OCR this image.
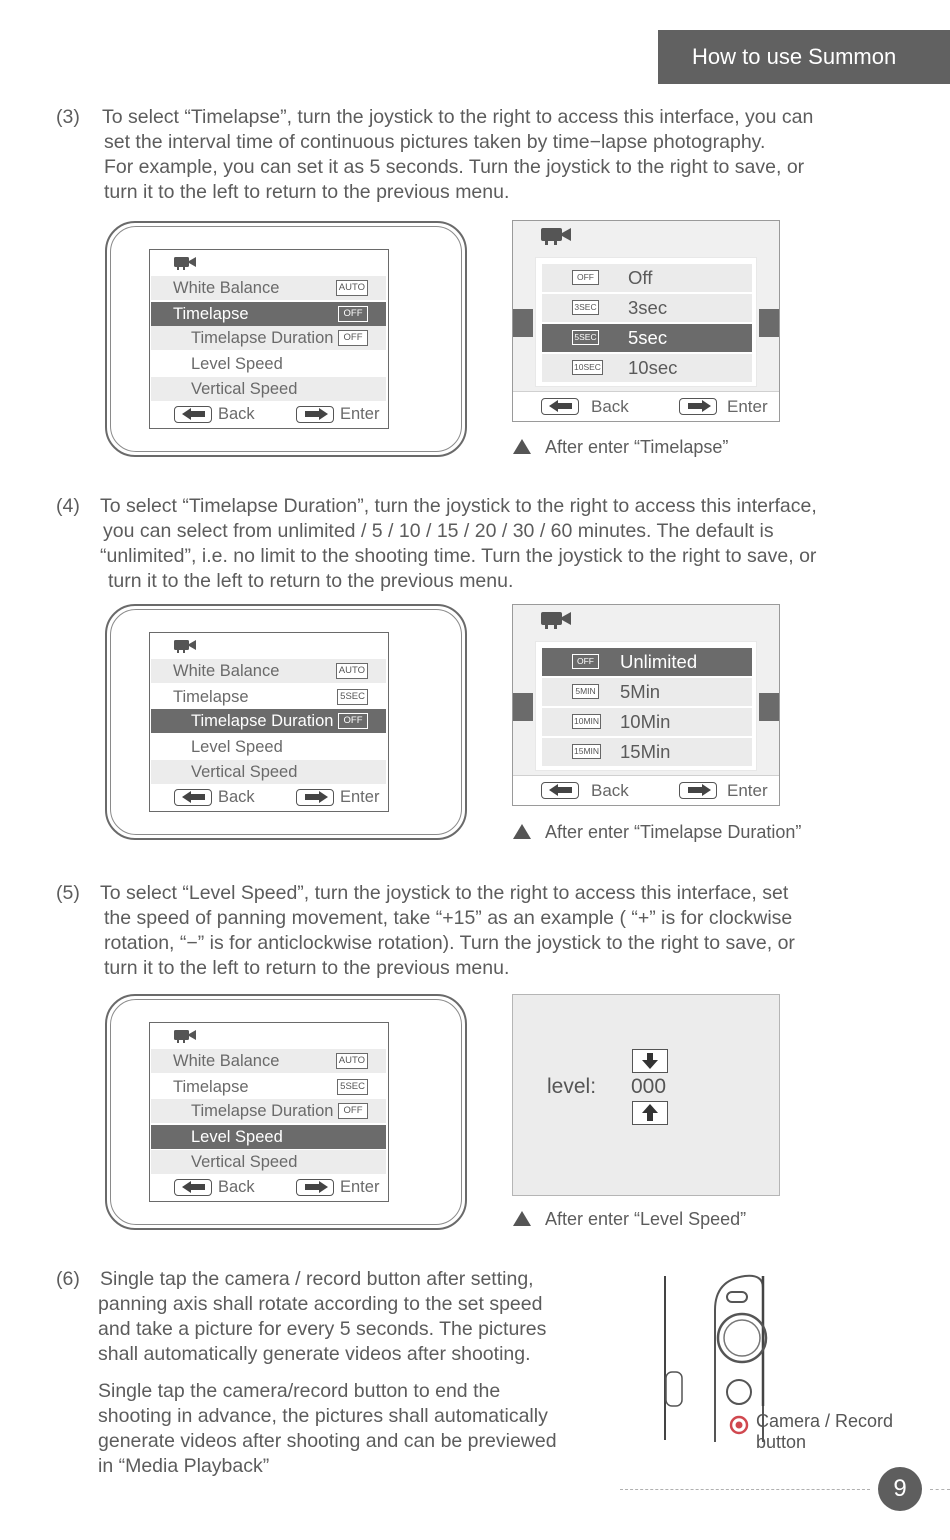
How to use Summon
(3)	To select “Timelapse”, turn the joystick to the right to access this interface, you can
set the interval time of continuous pictures taken by time−lapse photography.
For example, you can set it as 5 seconds. Turn the joystick to the right to save, or
turn it to the left to return to the previous menu.
White Balance	AUTO
Timelapse	OFF
Timelapse Duration	OFF
Level Speed
Vertical Speed
Back	Enter
OFF Off
3SEC 3sec
5SEC 5sec
10SEC 10sec
Back	Enter
After enter “Timelapse”
(4)	To select “Timelapse Duration”, turn the joystick to the right to access this interface,
you can select from unlimited / 5 / 10 / 15 / 20 / 30 / 60 minutes. The default is
“unlimited”, i.e. no limit to the shooting time. Turn the joystick to the right to save, or
turn it to the left to return to the previous menu.
White Balance	AUTO
Timelapse	5SEC
Timelapse Duration	OFF
Level Speed
Vertical Speed
Back	Enter
OFF Unlimited
5MIN 5Min
10MIN 10Min
15MIN 15Min
Back	Enter
After enter “Timelapse Duration”
(5)	To select “Level Speed”, turn the joystick to the right to access this interface, set
the speed of panning movement, take “+15” as an example ( “+” is for clockwise
rotation, “−” is for anticlockwise rotation). Turn the joystick to the right to save, or
turn it to the left to return to the previous menu.
White Balance	AUTO
Timelapse	5SEC
Timelapse Duration	OFF
Level Speed
Vertical Speed
Back	Enter
level: 000
After enter “Level Speed”
(6)	Single tap the camera / record button after setting,
panning axis shall rotate according to the set speed
and take a picture for every 5 seconds. The pictures
shall automatically generate videos after shooting.
Single tap the camera/record button to end the
shooting in advance, the pictures shall automatically
generate videos after shooting and can be previewed
in “Media Playback”
Camera / Record
button
9
